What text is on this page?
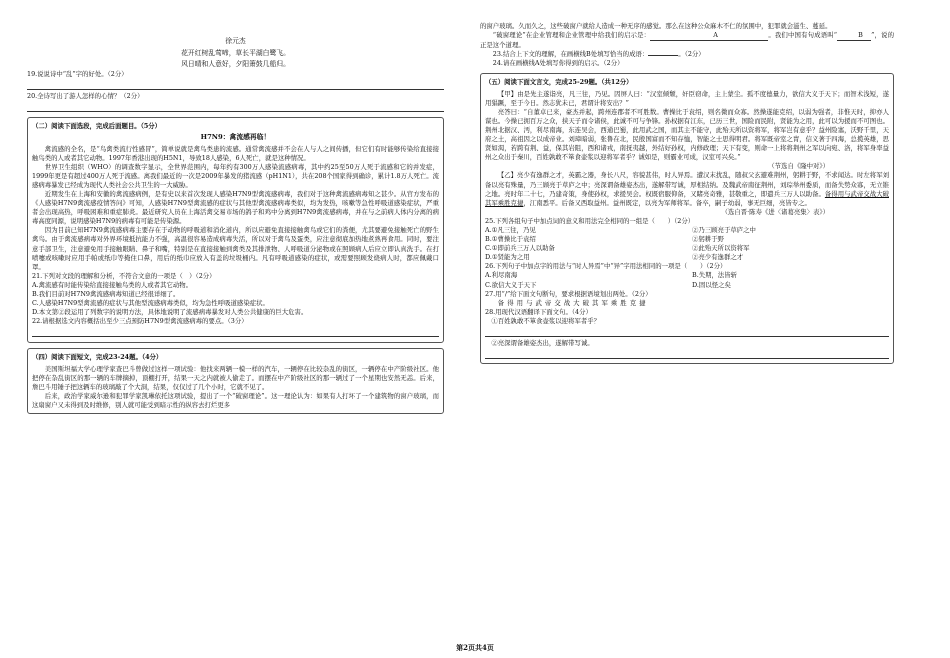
徐元杰

花开红树乱莺啼，草长平湖白鹭飞。

风日晴和人意好，夕阳箫鼓几船归。

19.说说诗中“乱”字的好处。（2分）

20.全诗写出了游人怎样的心情？（2分）

（二）阅读下面选段，完成后面题目。（5分）

H7N9：禽流感再临！

禽流感的全名，是“鸟禽类流行性感冒”，简单说就是禽鸟类患的流感。通常禽流感并不会在人与人之间传播，但它们有时能够传染给直接接触鸟类的人或者其它动物。1997年香港出现的H5N1，导致18人感染，6人死亡，就是这种情况。

世界卫生组织（WHO）的调查数字显示，全世界范围内，每年约有300万人感染流感病毒，其中约25至50万人死于流感和它的并发症，1999年更是有超过400万人死于流感。离我们最近的一次是2009年暴发的猪流感（pH1N1），共在208个国家得到确诊，累计1.8万人死亡。流感病毒暴发已经成为现代人类社会公共卫生的一大威胁。

近期发生在上海和安徽的禽流感病例，是有史以来首次发现人感染H7N9型禽流感病毒，我们对于这种禽流感病毒知之甚少。从官方发布的《人感染H7N9禽流感疫情答问》可知，人感染H7N9型禽流感的症状与其他型禽流感病毒类似，均为发热，咳嗽等急性呼吸道感染症状，严重者会出现高热，呼吸困难和重症肺炎。最近研究人员在上海活禽交易市场的鸽子和鸡中分离到H7N9禽流感病毒，并在与之前病人体内分离的病毒高度同源，说明感染H7N9的病毒有可能是传染源。

因为目前已知H7N9禽流感病毒主要存在于动物的呼吸道和消化道内，所以应避免直接接触禽鸟或它们的粪便，尤其要避免接触死亡的野生禽鸟。由于禽流感病毒对外界环境抵抗能力不强，高温很容易造成病毒失活，所以对于禽鸟及蛋类，应注意彻底加热地煮熟再食用。同时，要注意手部卫生，注意避免用手接触眼睛、鼻子和嘴，特别是在直接接触到禽类及其排泄物、人呼吸道分泌物或在照顾病人后应立即认真洗手。在打喷嚏或咳嗽时应用手帕或纸巾等掩住口鼻，用后的纸巾应放入有盖的垃圾桶内。凡有呼吸道感染的症状，或需要照顾发烧病人时，都应佩戴口罩。

21.下列对文段的理解和分析，不符合文意的一项是（　）（2分）

A.禽流感有时能传染给直接接触鸟类的人或者其它动物。

B.我们目前对H7N9禽流感病毒知道已经很详细了。

C.人感染H7N9型禽流感的症状与其他型流感病毒类似，均为急性呼吸道感染症状。

D.本文第②段运用了列数字的说明方法，具体地说明了流感病毒暴发对人类公共健康的巨大危害。

22.请根据选文内容概括出至少三点预防H7N9型禽流感病毒的要点。（3分）

（四）阅读下面短文，完成23-24题。（4分）

美国斯坦福大学心理学家查巴斗曾做过这样一项试验：他找来两辆一模一样的汽车，一辆停在比较杂乱的街区，一辆停在中产阶级社区。他把停在杂乱街区的那一辆的车牌摘掉，顶棚打开，结果一天之内就被人偷走了。而摆在中产阶级社区的那一辆过了一个星期也安然无恙。后来，詹巴斗用锤子把这辆车的玻璃敲了个大洞，结果，仅仅过了几个小时，它就不见了。

后来，政治学家威尔逊和犯罪学家凯琳依托这项试验，提出了一个“破窗理论”。这一理论认为：如果有人打坏了一个建筑物的窗户玻璃，而这扇窗户又未得到及时维修，别人就可能受到暗示性的纵容去打烂更多

的窗户玻璃。久而久之，这些破窗户就给人造成一种无序的感觉。那么在这种公众麻木不仁的氛围中，犯罪就会滋生、蔓延。

“破窗理论”在企业管理和企业管理中给我们的启示是：	A	。我们中国有句成语叫“	B ”，说的正是这个道理。

23.结合上下文的理解，在画横线B处填写恰当的成语：	。（2分）

24.请在画横线A处填写你得到的启示。（2分）

（五）阅读下面文言文，完成25-29题。（共12分）

【甲】由是先主遂诣亮，凡三往，乃见。因屏人曰：“汉室倾颓，奸臣窃命，主上蒙尘。孤不度德量力，欲信大义于天下；而智术浅短，遂用猖蹶，至于今日。然志犹未已，君谓计将安出？”

亮答曰：“自董卓已来，豪杰并起，跨州连郡者不可胜数。曹操比于袁绍，则名微而众寡。然操遂能克绍，以弱为强者，非惟天时，抑亦人谋也。今操已拥百万之众，挟天子而令诸侯，此诚不可与争锋。孙权据有江东，已历三世，国险而民附，贤能为之用，此可以为援而不可图也。荆州北据汉、沔，利尽南海，东连吴会，西通巴蜀，此用武之国，而其主不能守，此殆天所以资将军，将军岂有意乎？益州险塞，沃野千里，天府之土，高祖因之以成帝业。刘璋暗弱，张鲁在北，民殷国富而不知存恤，智能之士思得明君。将军既帝室之胄，信义著于四海，总揽英雄，思贤如渴，若跨有荆、益，保其岩阻，西和诸戎，南抚夷越，外结好孙权，内修政理；天下有变，则命一上将将荆州之军以向宛、洛，将军身率益州之众出于秦川，百姓孰敢不箪食壶浆以迎将军者乎？诚如是，则霸业可成，汉室可兴矣。”

（节选自《隆中对》）

【乙】亮少有逸群之才，英霸之器，身长八尺，容貌甚伟，时人异焉。遭汉末扰乱，随叔父玄避难荆州，躬耕于野，不求闻达。时左将军刘备以亮有殊量，乃三顾亮于草庐之中；亮深谓备雄姿杰出，遂解带写诚，厚相结纳。及魏武帝南征荆州，刘琮举州委质，而备失势众寡，无立锥之地。亮时年二十七，乃建奇策，身使孙权，求援吴会。权既宿服仰备，又睹亮奇雅，甚敬重之，即遣兵三万人以助备。备得用与武帝交战大破其军乘胜克捷，江南悉平。后备又西取益州。益州既定，以亮为军师将军。备卒，嗣子幼弱，事无巨细，亮皆专之。

（选自晋·陈寿《进〈诸葛亮集〉表》）

25.下列各组句子中加点词的意义和用法完全相同的一组是（　　）（2分）

A.①凡三往，乃见	②乃三顾亮于草庐之中

B.①曹操比于袁绍	②躬耕于野

C.①即前兵三万人以助备	②此殆天所以资将军

D.①贤能为之用	②亮少有逸群之才

26.下列句子中加点字的用法与“时人异焉”中“异”字用法相同的一项是（　　）（2分）

A.利尽南海	B.失期，法皆斩

C.欲信大义于天下	D.固以怪之矣

27.用“/”给下面文句断句，要求根据语境划出两处。（2分）

备 得 用 与 武 帝 交 战 大 破 其 军 乘 胜 克 捷

28.用现代汉语翻译下面文句。（4分）

①百姓孰敢不箪食壶浆以迎将军者乎？

②亮深谓备雄姿杰出，遂解带写诚。

第2页共4页
